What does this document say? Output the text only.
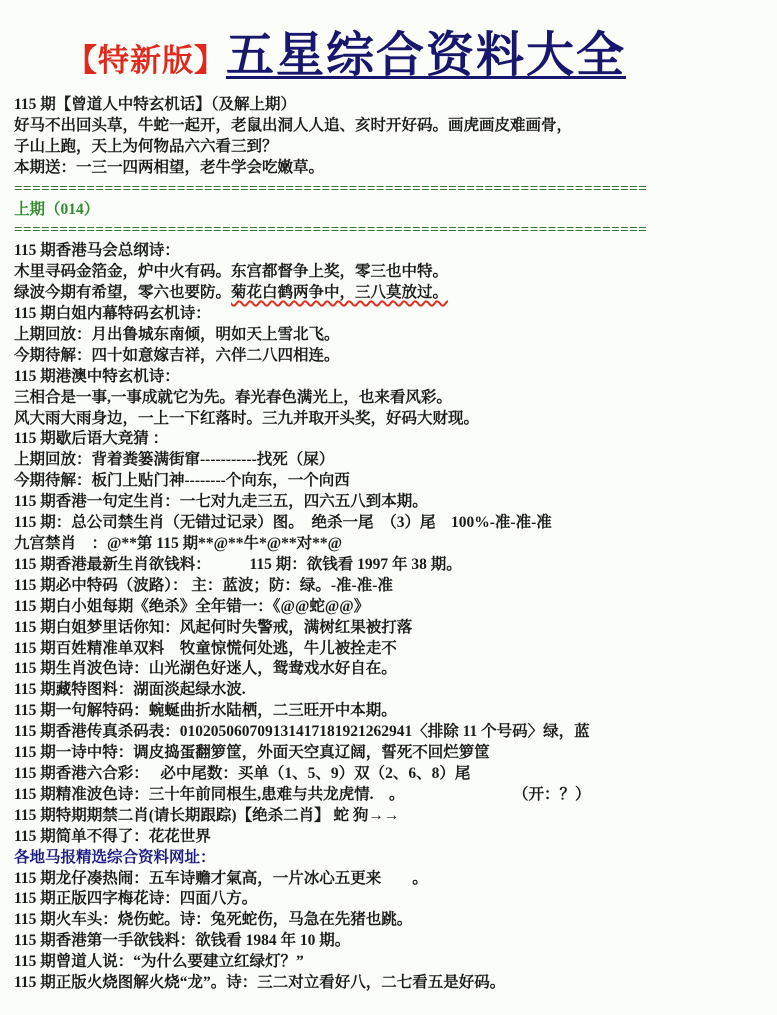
【特新版】 五星综合资料大全
115 期【曾道人中特玄机话】（及解上期）
好马不出回头草，牛蛇一起开，老鼠出洞人人追、亥时开好码。画虎画皮难画骨，
子山上跑，天上为何物品六六看三到？
本期送：一三一四两相望，老牛学会吃嫩草。
======================================================================
上期（014）
======================================================================
115 期香港马会总纲诗：
木里寻码金箔金，炉中火有码。东宫都督争上奖，零三也中特。
绿波今期有希望，零六也要防。菊花白鹤两争中，三八莫放过。
115 期白姐内幕特码玄机诗：
上期回放：月出鲁城东南倾，明如天上雪北飞。
今期待解：四十如意嫁吉祥，六伴二八四相连。
115 期港澳中特玄机诗：
三相合是一事,一事成就它为先。春光春色满光上，也来看风彩。
风大雨大雨身边，一上一下红落时。三九并取开头奖，好码大财现。
115 期歇后语大竞猜 ：
上期回放：背着粪篓满街窜-----------找死（屎）
今期待解：板门上贴门神--------个向东，一个向西
115 期香港一句定生肖：一七对九走三五，四六五八到本期。
115 期：总公司禁生肖（无错过记录）图。　绝杀一尾　（3）尾　100%-准-准-准
九宫禁肖　：@**第 115 期**@**牛*@**对**@
115 期香港最新生肖欲钱料：　　　115 期：欲钱看 1997 年 38 期。
115 期必中特码（波路）： 主：蓝波；防：绿。-准-准-准
115 期白小姐每期《绝杀》全年错一：《@@蛇@@》
115 期白姐梦里话你知：风起何时失警戒，满树红果被打落
115 期百姓精准单双料　牧童惊慌何处逃，牛儿被拴走不
115 期生肖波色诗：山光湖色好迷人，鸳鸯戏水好自在。
115 期藏特图料：湖面淡起绿水波.
115 期一句解特码：蜿蜒曲折水陆栖，二三旺开中本期。
115 期香港传真杀码表：010205060709131417181921262941〈排除 11 个号码〉绿，蓝
115 期一诗中特：调皮捣蛋翻箩筐，外面天空真辽阔，誓死不回烂箩筐
115 期香港六合彩：　 必中尾数：买单（1、5、9）双（2、6、8）尾
115 期精准波色诗：三十年前同根生,患难与共龙虎情.　。　　　　　　　　（开：？）
115 期特期期禁二肖(请长期跟踪)【绝杀二肖】 蛇 狗→→
115 期简单不得了：花花世界
各地马报精选综合资料网址：
115 期龙仔凑热闹：五车诗赡才氣高，一片冰心五更来　　。
115 期正版四字梅花诗：四面八方。
115 期火车头：烧伤蛇。诗：兔死蛇伤，马急在先猪也跳。
115 期香港第一手欲钱料：欲钱看 1984 年 10 期。
115 期曾道人说：“为什么要建立红绿灯？”
115 期正版火烧图解火烧“龙”。诗：三二对立看好八，二七看五是好码。
